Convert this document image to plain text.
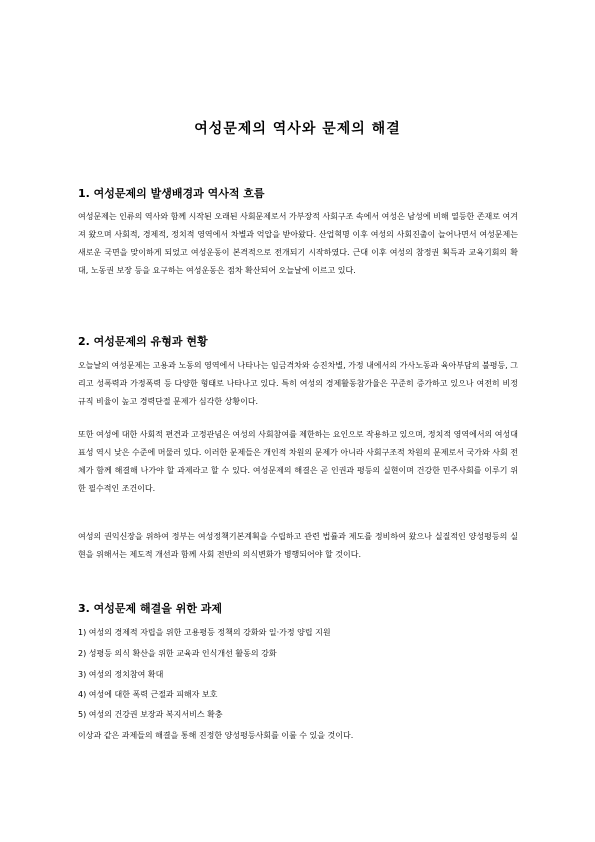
여성문제의 역사와 문제의 해결
1. 여성문제의 발생배경과 역사적 흐름
여성문제는 인류의 역사와 함께 시작된 오래된 사회문제로서 가부장적 사회구조 속에서 여성은 남성에 비해 열등한 존재로 여겨져 왔으며 사회적, 경제적, 정치적 영역에서 차별과 억압을 받아왔다. 산업혁명 이후 여성의 사회진출이 늘어나면서 여성문제는 새로운 국면을 맞이하게 되었고 여성운동이 본격적으로 전개되기 시작하였다. 근대 이후 여성의 참정권 획득과 교육기회의 확대, 노동권 보장 등을 요구하는 여성운동은 점차 확산되어 오늘날에 이르고 있다.
2. 여성문제의 유형과 현황
오늘날의 여성문제는 고용과 노동의 영역에서 나타나는 임금격차와 승진차별, 가정 내에서의 가사노동과 육아부담의 불평등, 그리고 성폭력과 가정폭력 등 다양한 형태로 나타나고 있다. 특히 여성의 경제활동참가율은 꾸준히 증가하고 있으나 여전히 비정규직 비율이 높고 경력단절 문제가 심각한 상황이다.
또한 여성에 대한 사회적 편견과 고정관념은 여성의 사회참여를 제한하는 요인으로 작용하고 있으며, 정치적 영역에서의 여성대표성 역시 낮은 수준에 머물러 있다. 이러한 문제들은 개인적 차원의 문제가 아니라 사회구조적 차원의 문제로서 국가와 사회 전체가 함께 해결해 나가야 할 과제라고 할 수 있다. 여성문제의 해결은 곧 인권과 평등의 실현이며 건강한 민주사회를 이루기 위한 필수적인 조건이다.
여성의 권익신장을 위하여 정부는 여성정책기본계획을 수립하고 관련 법률과 제도를 정비하여 왔으나 실질적인 양성평등의 실현을 위해서는 제도적 개선과 함께 사회 전반의 의식변화가 병행되어야 할 것이다.
3. 여성문제 해결을 위한 과제
1) 여성의 경제적 자립을 위한 고용평등 정책의 강화와 일·가정 양립 지원
2) 성평등 의식 확산을 위한 교육과 인식개선 활동의 강화
3) 여성의 정치참여 확대
4) 여성에 대한 폭력 근절과 피해자 보호
5) 여성의 건강권 보장과 복지서비스 확충
이상과 같은 과제들의 해결을 통해 진정한 양성평등사회를 이룰 수 있을 것이다.
